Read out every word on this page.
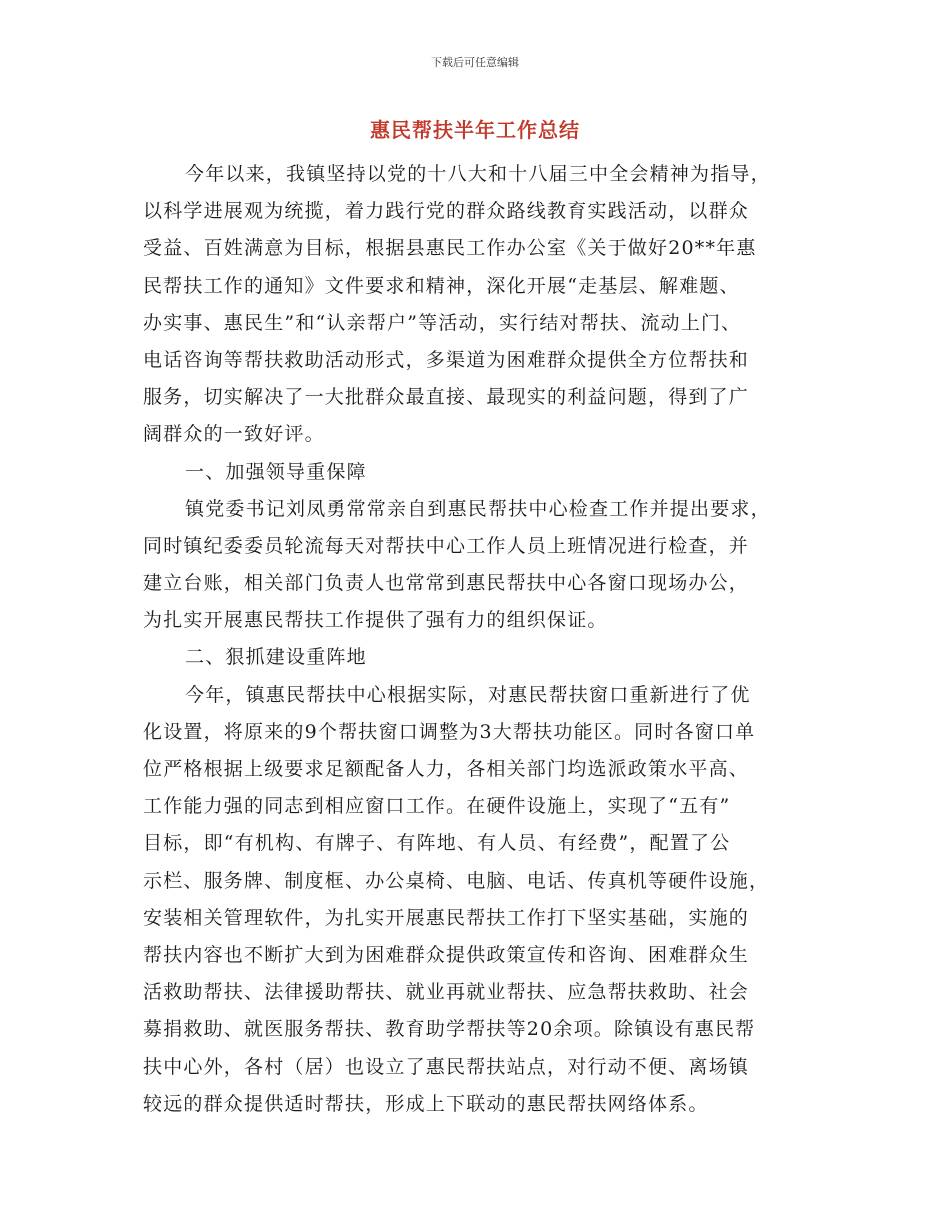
下载后可任意编辑
惠民帮扶半年工作总结
今年以来，我镇坚持以党的十八大和十八届三中全会精神为指导，
以科学进展观为统揽，着力践行党的群众路线教育实践活动，以群众
受益、百姓满意为目标，根据县惠民工作办公室《关于做好20**年惠
民帮扶工作的通知》文件要求和精神，深化开展“走基层、解难题、
办实事、惠民生”和“认亲帮户”等活动，实行结对帮扶、流动上门、
电话咨询等帮扶救助活动形式，多渠道为困难群众提供全方位帮扶和
服务，切实解决了一大批群众最直接、最现实的利益问题，得到了广
阔群众的一致好评。
一、加强领导重保障
镇党委书记刘凤勇常常亲自到惠民帮扶中心检查工作并提出要求，
同时镇纪委委员轮流每天对帮扶中心工作人员上班情况进行检查，并
建立台账，相关部门负责人也常常到惠民帮扶中心各窗口现场办公，
为扎实开展惠民帮扶工作提供了强有力的组织保证。
二、狠抓建设重阵地
今年，镇惠民帮扶中心根据实际，对惠民帮扶窗口重新进行了优
化设置，将原来的9个帮扶窗口调整为3大帮扶功能区。同时各窗口单
位严格根据上级要求足额配备人力，各相关部门均选派政策水平高、
工作能力强的同志到相应窗口工作。在硬件设施上，实现了“五有”
目标，即“有机构、有牌子、有阵地、有人员、有经费”，配置了公
示栏、服务牌、制度框、办公桌椅、电脑、电话、传真机等硬件设施，
安装相关管理软件，为扎实开展惠民帮扶工作打下坚实基础，实施的
帮扶内容也不断扩大到为困难群众提供政策宣传和咨询、困难群众生
活救助帮扶、法律援助帮扶、就业再就业帮扶、应急帮扶救助、社会
募捐救助、就医服务帮扶、教育助学帮扶等20余项。除镇设有惠民帮
扶中心外，各村（居）也设立了惠民帮扶站点，对行动不便、离场镇
较远的群众提供适时帮扶，形成上下联动的惠民帮扶网络体系。
